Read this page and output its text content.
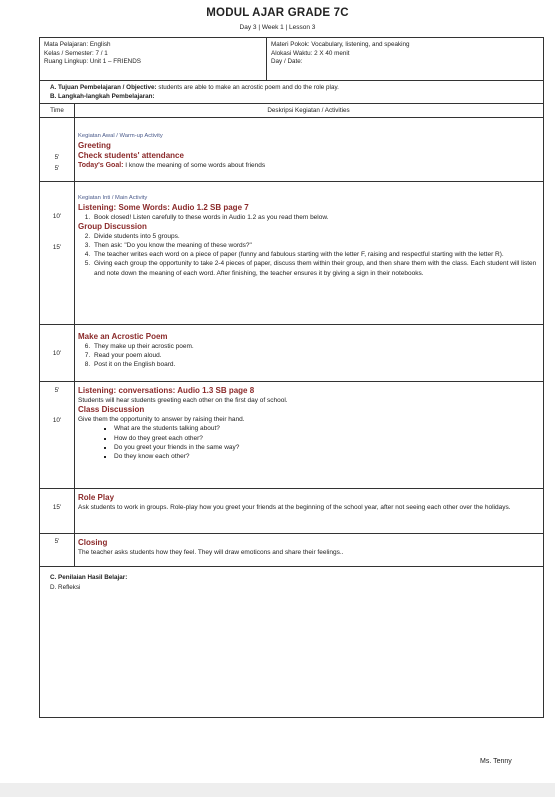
MODUL AJAR GRADE 7C
Day 3 | Week 1 | Lesson 3
Mata Pelajaran: English
Kelas / Semester: 7 / 1
Ruang Lingkup: Unit 1 – FRIENDS
Materi Pokok: Vocabulary, listening, and speaking
Alokasi Waktu: 2 X 40 menit
Day / Date:
A. Tujuan Pembelajaran / Objective: students are able to make an acrostic poem and do the role play.
B. Langkah-langkah Pembelajaran:
Time	Deskripsi Kegiatan / Activities
5'
5'
Kegiatan Awal / Warm-up Activity
Greeting
Check students' attendance
Today's Goal: I know the meaning of some words about friends
10'
15'
Kegiatan Inti / Main Activity
Listening: Some Words: Audio 1.2 SB page 7
1. Book closed! Listen carefully to these words in Audio 1.2 as you read them below.
Group Discussion
2. Divide students into 5 groups.
3. Then ask: "Do you know the meaning of these words?"
4. The teacher writes each word on a piece of paper (funny and fabulous starting with the letter F, raising and respectful starting with the letter R).
5. Giving each group the opportunity to take 2-4 pieces of paper, discuss them within their group, and then share them with the class. Each student will listen and note down the meaning of each word. After finishing, the teacher ensures it by giving a sign in their notebooks.
10'
Make an Acrostic Poem
6. They make up their acrostic poem.
7. Read your poem aloud.
8. Post it on the English board.
5'
10'
Listening: conversations: Audio 1.3 SB page 8
Students will hear students greeting each other on the first day of school.
Class Discussion
Give them the opportunity to answer by raising their hand.
▪ What are the students talking about?
▪ How do they greet each other?
▪ Do you greet your friends in the same way?
▪ Do they know each other?
15'
Role Play
Ask students to work in groups. Role-play how you greet your friends at the beginning of the school year, after not seeing each other over the holidays.
5'	Closing
The teacher asks students how they feel. They will draw emoticons and share their feelings..
C. Penilaian Hasil Belajar:
D. Refleksi
Ms. Tenny
